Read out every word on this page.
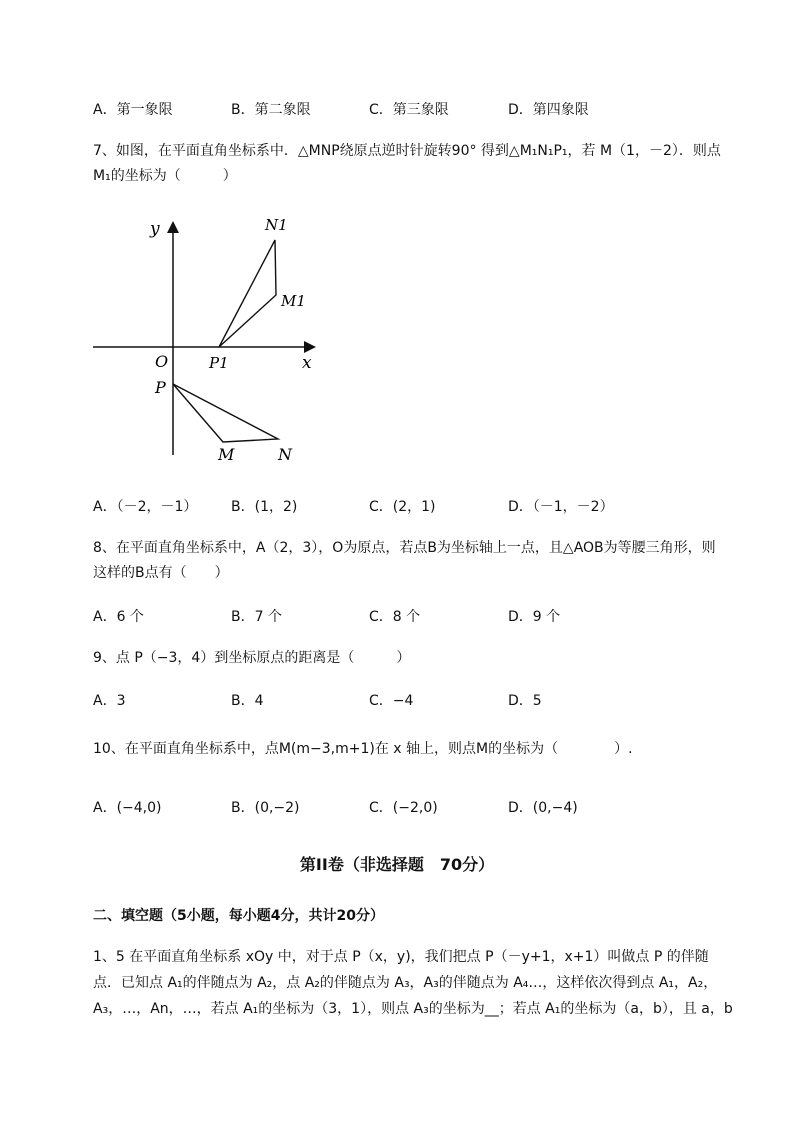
A．第一象限	B．第二象限	C．第三象限	D．第四象限
7、如图，在平面直角坐标系中．△MNP绕原点逆时针旋转90° 得到△M₁N₁P₁，若 M（1，－2）．则点
M₁的坐标为（　　　）
y
x
O	P1
M1
N1
P
M	N
A．（－2，－1） B．(1，2)	C．(2，1)	D．（－1，－2）
8、在平面直角坐标系中，A（2，3），O为原点，若点B为坐标轴上一点，且△AOB为等腰三角形，则
这样的B点有（　　）
A．6 个	B．7 个	C．8 个	D．9 个
9、点 P（−3，4）到坐标原点的距离是（　　　）
A．3	B．4	C．−4	D．5
10、在平面直角坐标系中，点M(m−3,m+1)在 x 轴上，则点M的坐标为（　　　　）.
A．(−4,0)	B．(0,−2)	C．(−2,0)	D．(0,−4)
第II卷（非选择题　70分）
二、填空题（5小题，每小题4分，共计20分）
1、5 在平面直角坐标系 xOy 中，对于点 P（x，y)，我们把点 P（－y+1，x+1）叫做点 P 的伴随
点．已知点 A₁的伴随点为 A₂，点 A₂的伴随点为 A₃，A₃的伴随点为 A₄…，这样依次得到点 A₁，A₂，
A₃，…，An，…，若点 A₁的坐标为（3，1），则点 A₃的坐标为__；若点 A₁的坐标为（a，b），且 a，b
